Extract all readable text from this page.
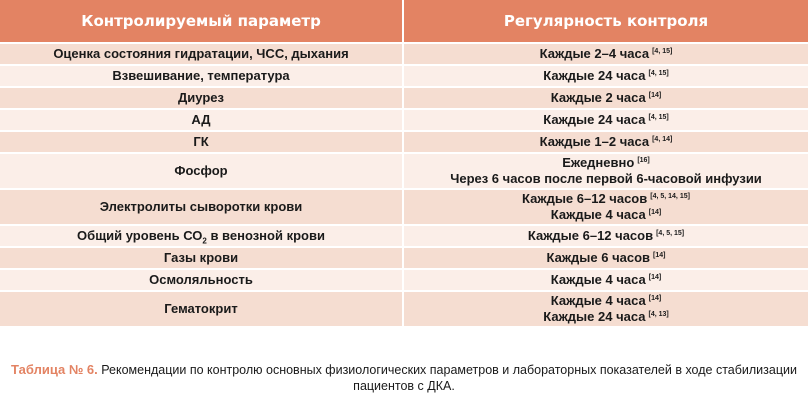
Контролируемый параметр	Регулярность контроля
Оценка состояния гидратации, ЧСС, дыхания	Каждые 2–4 часа [4, 15]
Взвешивание, температура	Каждые 24 часа [4, 15]
Диурез	Каждые 2 часа [14]
АД	Каждые 24 часа [4, 15]
ГК	Каждые 1–2 часа [4, 14]
Фосфор	Ежедневно [16]
Через 6 часов после первой 6-часовой инфузии

Электролиты сыворотки крови	Каждые 6–12 часов [4, 5, 14, 15]
Каждые 4 часа [14]

Общий уровень $СО_2$ в венозной крови	Каждые 6–12 часов [4, 5, 15]
Газы крови	Каждые 6 часов [14]
Осмоляльность	Каждые 4 часа [14]
Гематокрит	Каждые 4 часа [14]
Каждые 24 часа [4, 13]
Таблица № 6. Рекомендации по контролю основных физиологических параметров и лабораторных показателей в ходе стабилизации пациентов с ДКА.
